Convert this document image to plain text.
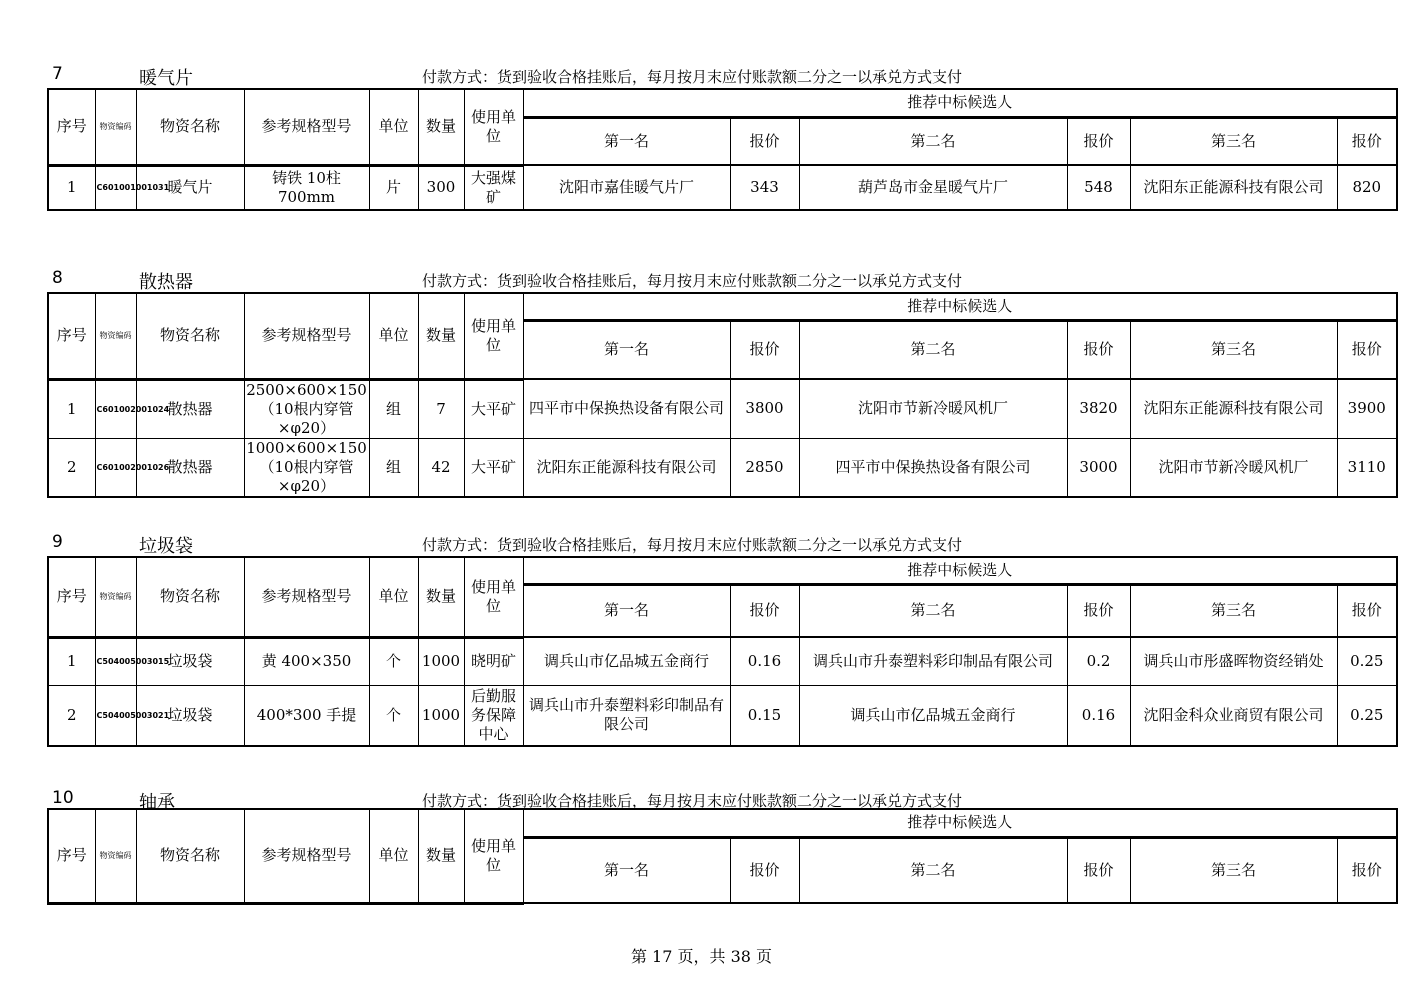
7	暖气片	付款方式：货到验收合格挂账后，每月按月末应付账款额二分之一以承兑方式支付
序号	物资编码	物资名称	参考规格型号	单位	数量	使用单位	推荐中标候选人					
							第一名	报价	第二名	报价	第三名	报价
1	C601001001031	暖气片	铸铁 10柱 700mm	片	300	大强煤矿	沈阳市嘉佳暖气片厂	343	葫芦岛市金星暖气片厂	548	沈阳东正能源科技有限公司	820
8	散热器	付款方式：货到验收合格挂账后，每月按月末应付账款额二分之一以承兑方式支付
序号	物资编码	物资名称	参考规格型号	单位	数量	使用单位	推荐中标候选人					
							第一名	报价	第二名	报价	第三名	报价
1	C601002001024	散热器	2500×600×150（10根内穿管×φ20）	组	7	大平矿	四平市中保换热设备有限公司	3800	沈阳市节新冷暖风机厂	3820	沈阳东正能源科技有限公司	3900
2	C601002001026	散热器	1000×600×150（10根内穿管×φ20）	组	42	大平矿	沈阳东正能源科技有限公司	2850	四平市中保换热设备有限公司	3000	沈阳市节新冷暖风机厂	3110
9	垃圾袋	付款方式：货到验收合格挂账后，每月按月末应付账款额二分之一以承兑方式支付
序号	物资编码	物资名称	参考规格型号	单位	数量	使用单位	推荐中标候选人					
							第一名	报价	第二名	报价	第三名	报价
1	C504005003015	垃圾袋	黄 400×350	个	1000	晓明矿	调兵山市亿品城五金商行	0.16	调兵山市升泰塑料彩印制品有限公司	0.2	调兵山市彤盛晖物资经销处	0.25
2	C504005003021	垃圾袋	400*300 手提	个	1000	后勤服务保障中心	调兵山市升泰塑料彩印制品有限公司	0.15	调兵山市亿品城五金商行	0.16	沈阳金科众业商贸有限公司	0.25
10	轴承	付款方式：货到验收合格挂账后，每月按月末应付账款额二分之一以承兑方式支付
序号	物资编码	物资名称	参考规格型号	单位	数量	使用单位	推荐中标候选人					
							第一名	报价	第二名	报价	第三名	报价
第 17 页，共 38 页
